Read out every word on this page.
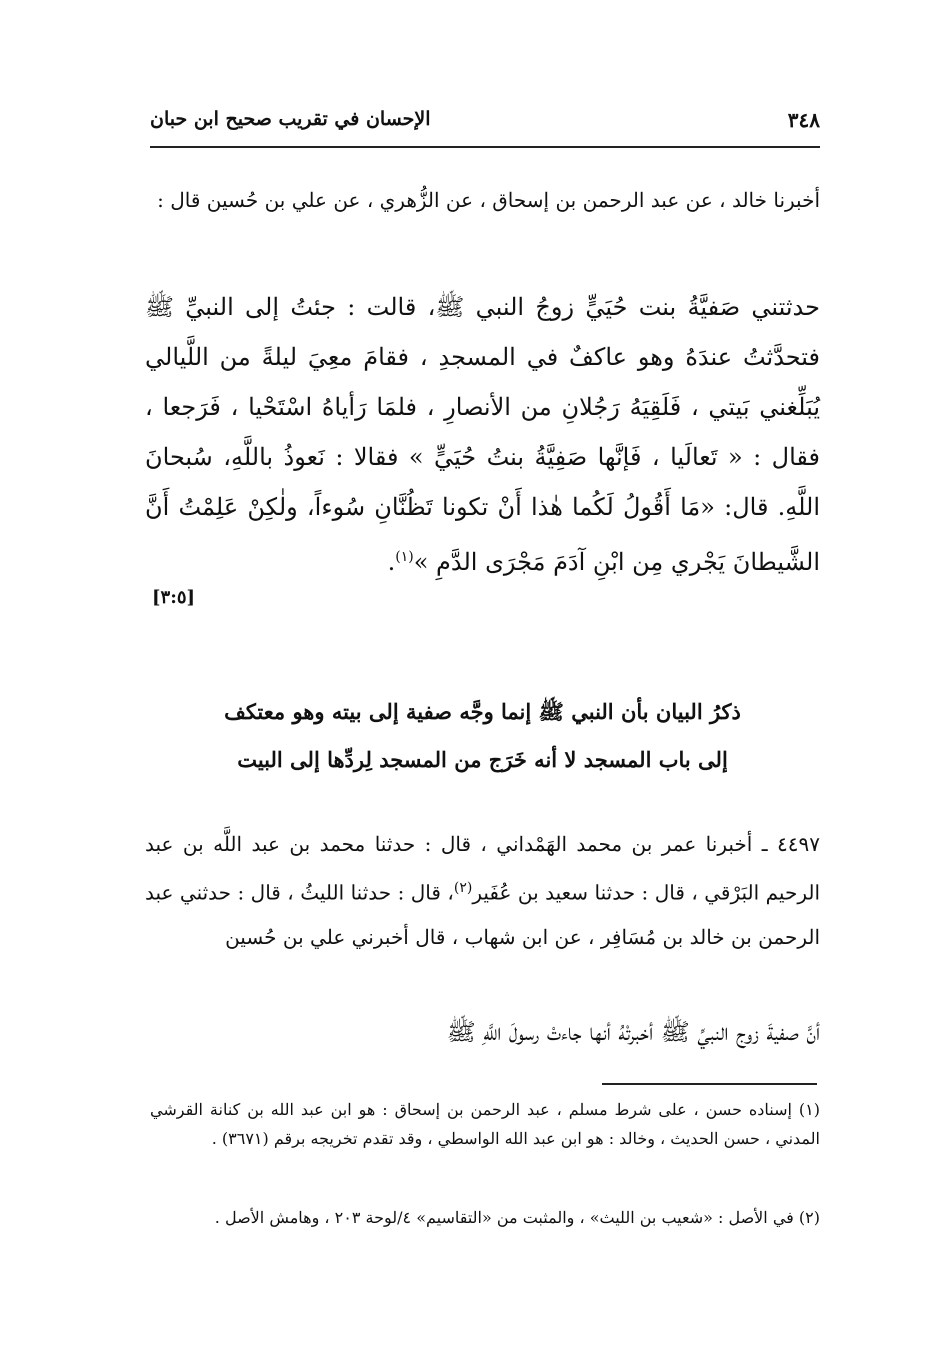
٣٤٨
الإحسان في تقريب صحيح ابن حبان
أخبرنا خالد ، عن عبد الرحمن بن إسحاق ، عن الزُّهري ، عن علي بن حُسين قال :
حدثتني صَفيَّةُ بنت حُيَيٍّ زوجُ النبي ﷺ، قالت : جئتُ إلى النبيِّ ﷺ فتحدَّثتُ عندَهُ وهو عاكفٌ في المسجدِ ، فقامَ معِيَ ليلةً من اللَّيالي يُبَلِّغني بَيتي ، فَلَقِيَهُ رَجُلانِ من الأنصارِ ، فلمَا رَأياهُ اسْتَحْيا ، فَرَجعا ، فقال : « تَعالَيا ، فَإنَّها صَفِيَّةُ بنتُ حُيَيٍّ » فقالا : نَعوذُ باللَّهِ، سُبحانَ اللَّهِ. قال: «مَا أَقُولُ لَكُما هٰذا أَنْ تكونا تَظُنَّانِ سُوءاً، ولٰكِنْ عَلِمْتُ أَنَّ الشَّيطانَ يَجْري مِن ابْنِ آدَمَ مَجْرَى الدَّمِ »$^{(١)}$.
[٣:٥]
ذكرُ البيان بأن النبي ﷺ إنما وجَّه صفية إلى بيته وهو معتكف
إلى باب المسجد لا أنه خَرَج من المسجد لِردِّها إلى البيت
٤٤٩٧ ـ أخبرنا عمر بن محمد الهَمْداني ، قال : حدثنا محمد بن عبد اللَّه بن عبد الرحيم البَرْقي ، قال : حدثنا سعيد بن عُفَير$^{(٢)}$، قال : حدثنا الليثُ ، قال : حدثني عبد الرحمن بن خالد بن مُسَافِر ، عن ابن شهاب ، قال أخبرني علي بن حُسين
أنَّ صفيةَ زوج النبيِّ ﷺ أخبرتْهُ أنها جاءتْ رسولَ اللَّهِ ﷺ
(١) إسناده حسن ، على شرط مسلم ، عبد الرحمن بن إسحاق : هو ابن عبد الله بن كنانة القرشي المدني ، حسن الحديث ، وخالد : هو ابن عبد الله الواسطي ، وقد تقدم تخريجه برقم (٣٦٧١) .
(٢) في الأصل : «شعيب بن الليث» ، والمثبت من «التقاسيم» ٤/لوحة ٢٠٣ ، وهامش الأصل .
